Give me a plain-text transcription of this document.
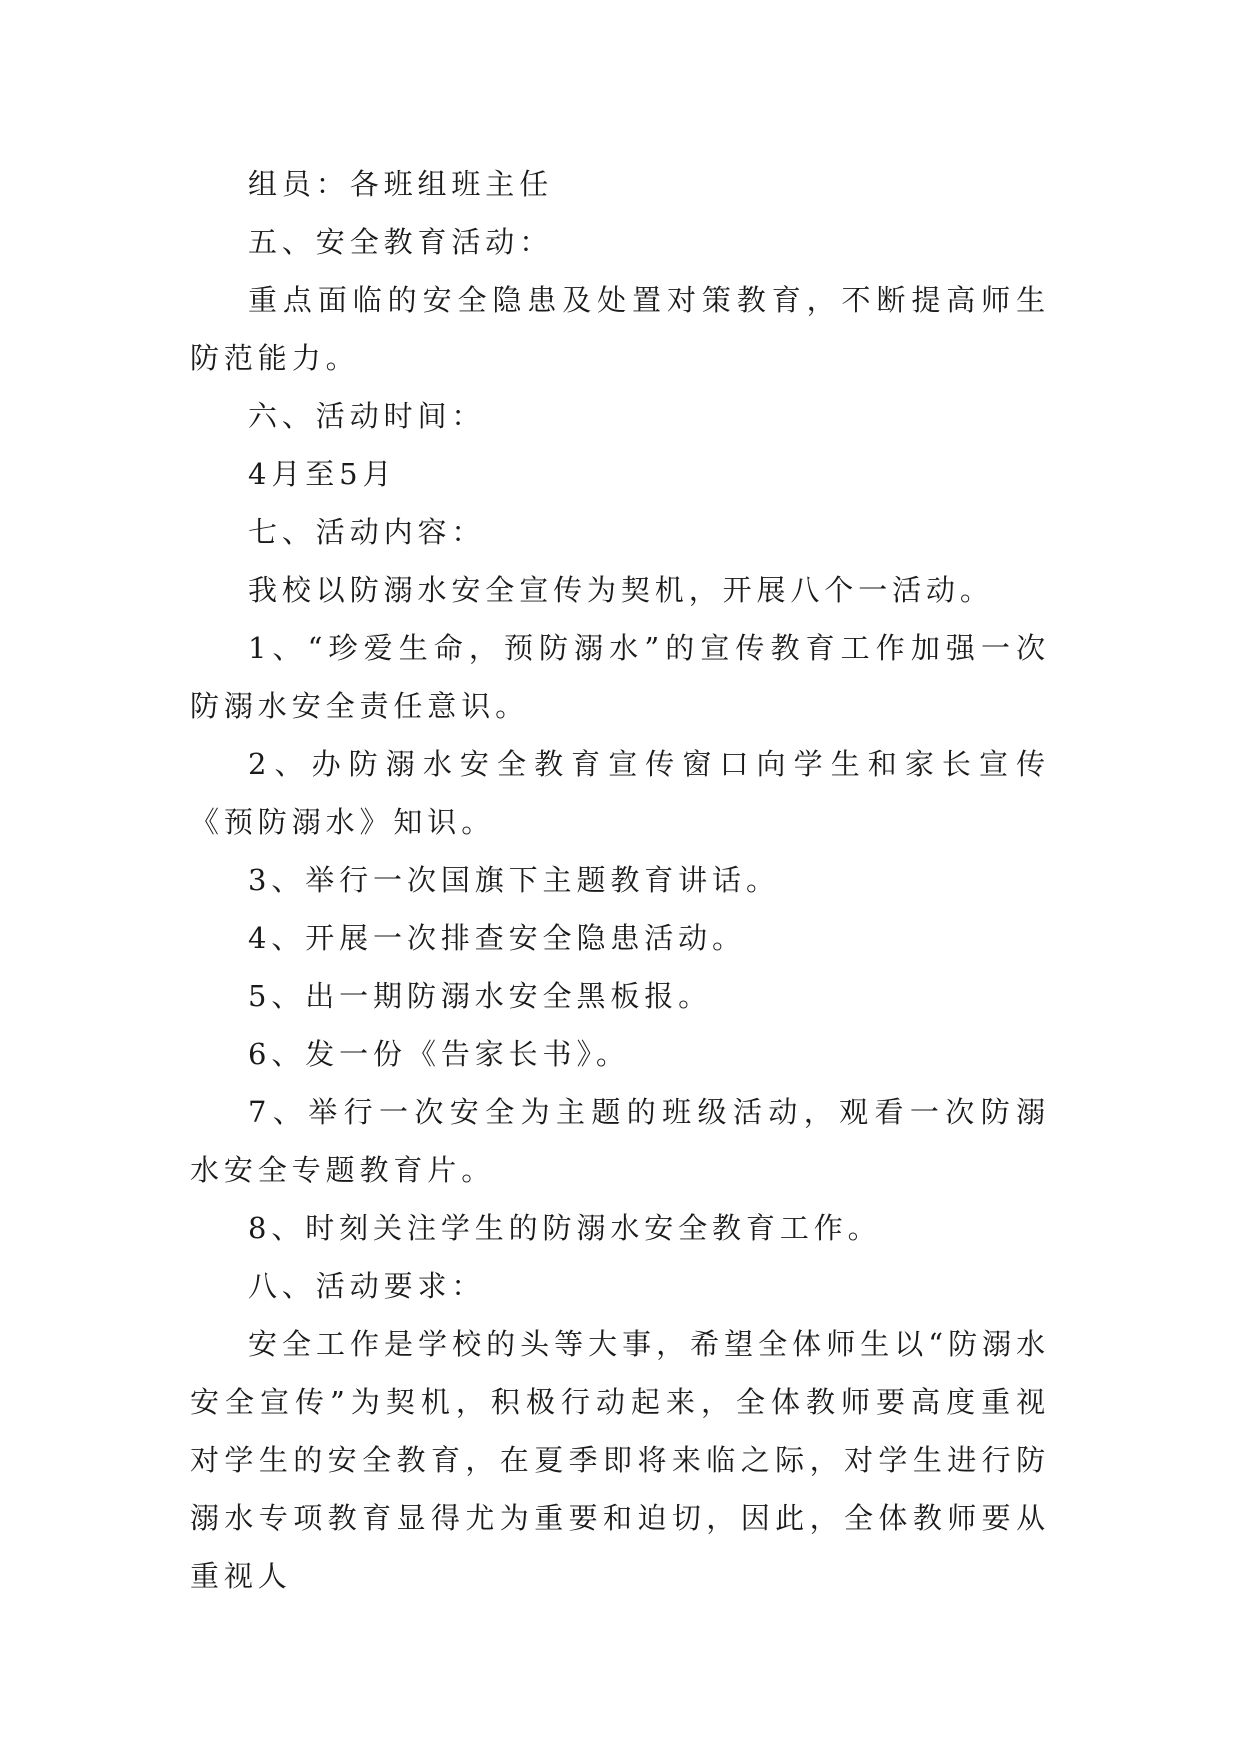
组员：各班组班主任

五、安全教育活动：

重点面临的安全隐患及处置对策教育，不断提高师生防范能力。

六、活动时间：

4月至5月

七、活动内容：

我校以防溺水安全宣传为契机，开展八个一活动。

1、“珍爱生命，预防溺水”的宣传教育工作加强一次防溺水安全责任意识。

2、办防溺水安全教育宣传窗口向学生和家长宣传《预防溺水》知识。

3、举行一次国旗下主题教育讲话。

4、开展一次排查安全隐患活动。

5、出一期防溺水安全黑板报。

6、发一份《告家长书》。

7、举行一次安全为主题的班级活动，观看一次防溺水安全专题教育片。

8、时刻关注学生的防溺水安全教育工作。

八、活动要求：

安全工作是学校的头等大事，希望全体师生以“防溺水安全宣传”为契机，积极行动起来，全体教师要高度重视对学生的安全教育，在夏季即将来临之际，对学生进行防溺水专项教育显得尤为重要和迫切，因此，全体教师要从重视人
